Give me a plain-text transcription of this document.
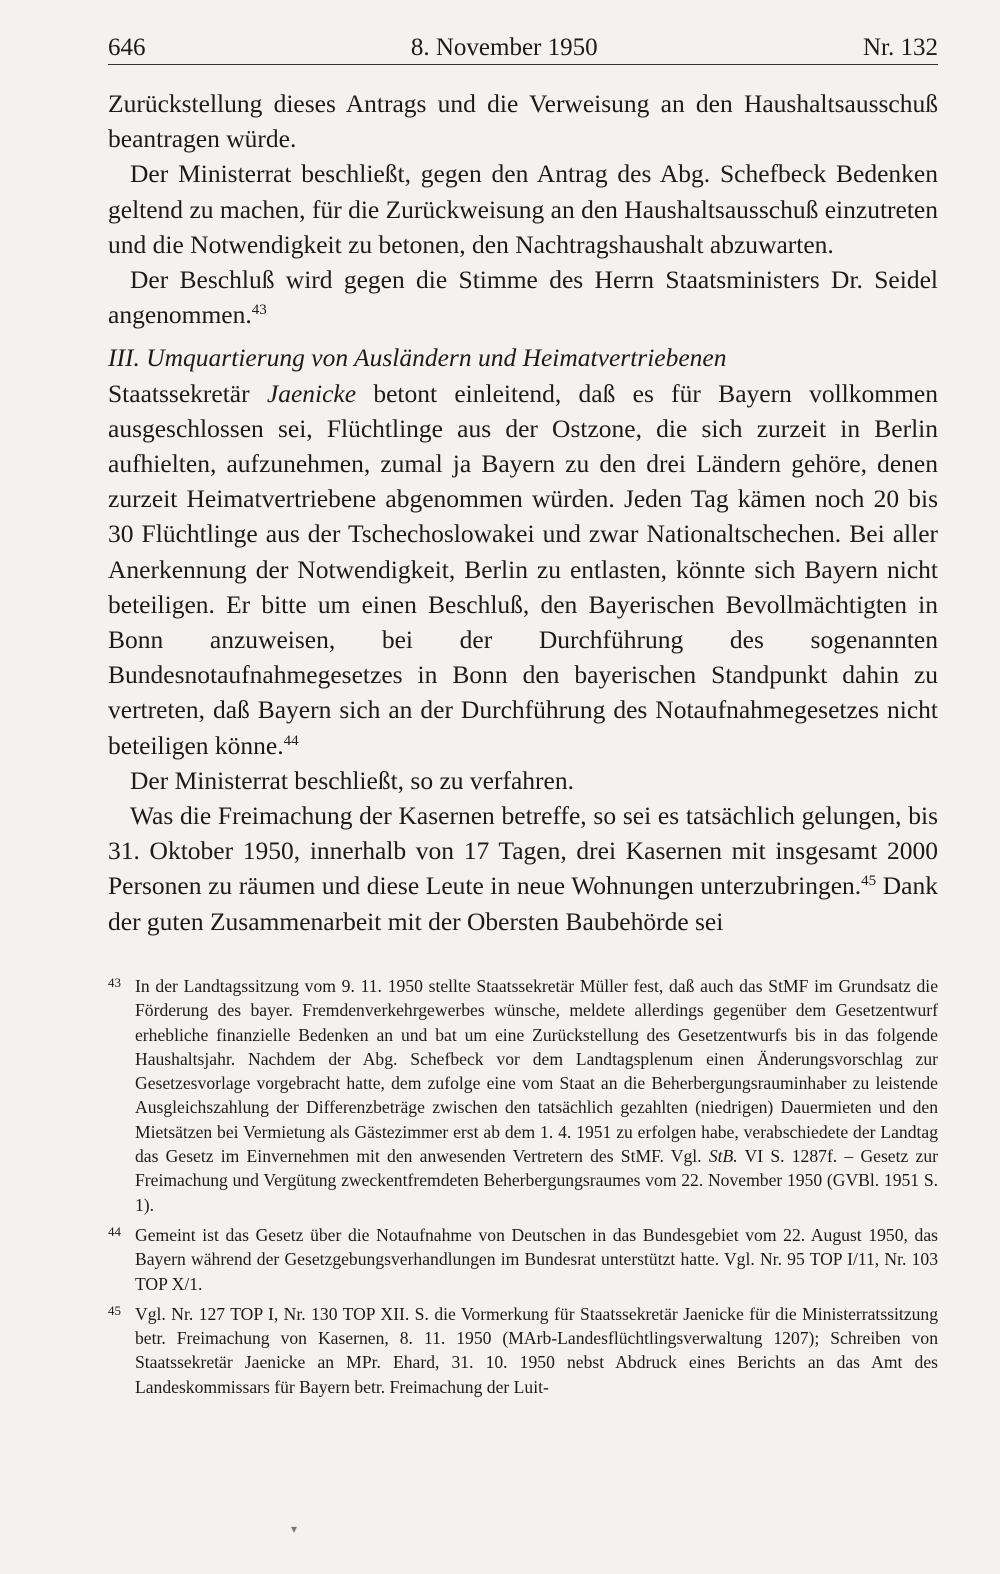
646	8. November 1950	Nr. 132

Zurückstellung dieses Antrags und die Verweisung an den Haushaltsausschuß beantragen würde.

Der Ministerrat beschließt, gegen den Antrag des Abg. Schefbeck Bedenken geltend zu machen, für die Zurückweisung an den Haushaltsausschuß einzutreten und die Notwendigkeit zu betonen, den Nachtragshaushalt abzuwarten.

Der Beschluß wird gegen die Stimme des Herrn Staatsministers Dr. Seidel angenommen.$^{43}$

III. Umquartierung von Ausländern und Heimatvertriebenen

Staatssekretär Jaenicke betont einleitend, daß es für Bayern vollkommen ausgeschlossen sei, Flüchtlinge aus der Ostzone, die sich zurzeit in Berlin aufhielten, aufzunehmen, zumal ja Bayern zu den drei Ländern gehöre, denen zurzeit Heimatvertriebene abgenommen würden. Jeden Tag kämen noch 20 bis 30 Flüchtlinge aus der Tschechoslowakei und zwar Nationaltschechen. Bei aller Anerkennung der Notwendigkeit, Berlin zu entlasten, könnte sich Bayern nicht beteiligen. Er bitte um einen Beschluß, den Bayerischen Bevollmächtigten in Bonn anzuweisen, bei der Durchführung des sogenannten Bundesnotaufnahmegesetzes in Bonn den bayerischen Standpunkt dahin zu vertreten, daß Bayern sich an der Durchführung des Notaufnahmegesetzes nicht beteiligen könne.$^{44}$

Der Ministerrat beschließt, so zu verfahren.

Was die Freimachung der Kasernen betreffe, so sei es tatsächlich gelungen, bis 31. Oktober 1950, innerhalb von 17 Tagen, drei Kasernen mit insgesamt 2000 Personen zu räumen und diese Leute in neue Wohnungen unterzubringen.$^{45}$ Dank der guten Zusammenarbeit mit der Obersten Baubehörde sei

43 In der Landtagssitzung vom 9. 11. 1950 stellte Staatssekretär Müller fest, daß auch das StMF im Grundsatz die Förderung des bayer. Fremdenverkehrgewerbes wünsche, meldete allerdings gegenüber dem Gesetzentwurf erhebliche finanzielle Bedenken an und bat um eine Zurückstellung des Gesetzentwurfs bis in das folgende Haushaltsjahr. Nachdem der Abg. Schefbeck vor dem Landtagsplenum einen Änderungsvorschlag zur Gesetzesvorlage vorgebracht hatte, dem zufolge eine vom Staat an die Beherbergungsrauminhaber zu leistende Ausgleichszahlung der Differenzbeträge zwischen den tatsächlich gezahlten (niedrigen) Dauermieten und den Mietsätzen bei Vermietung als Gästezimmer erst ab dem 1. 4. 1951 zu erfolgen habe, verabschiedete der Landtag das Gesetz im Einvernehmen mit den anwesenden Vertretern des StMF. Vgl. StB. VI S. 1287f. – Gesetz zur Freimachung und Vergütung zweckentfremdeten Beherbergungsraumes vom 22. November 1950 (GVBl. 1951 S. 1).
44 Gemeint ist das Gesetz über die Notaufnahme von Deutschen in das Bundesgebiet vom 22. August 1950, das Bayern während der Gesetzgebungsverhandlungen im Bundesrat unterstützt hatte. Vgl. Nr. 95 TOP I/11, Nr. 103 TOP X/1.
45 Vgl. Nr. 127 TOP I, Nr. 130 TOP XII. S. die Vormerkung für Staatssekretär Jaenicke für die Ministerratssitzung betr. Freimachung von Kasernen, 8. 11. 1950 (MArb-Landesflüchtlingsverwaltung 1207); Schreiben von Staatssekretär Jaenicke an MPr. Ehard, 31. 10. 1950 nebst Abdruck eines Berichts an das Amt des Landeskommissars für Bayern betr. Freimachung der Luit-
▾
